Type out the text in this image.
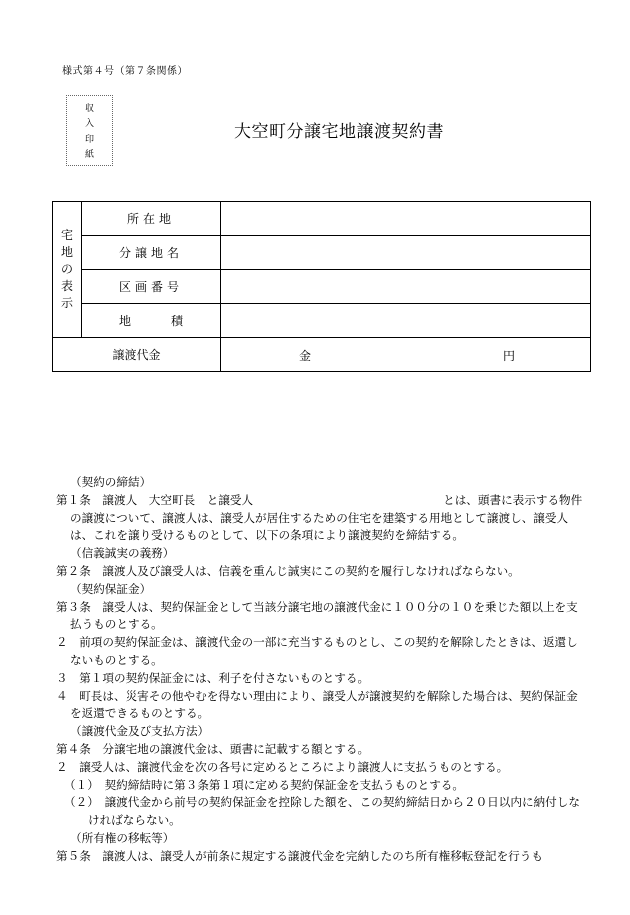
様式第４号（第７条関係）
収
入
印
紙
大空町分譲宅地譲渡契約書
宅
地
の
表
示	所在地	
	分譲地名	
	区画番号	
	地 積	
譲渡代金		金 円

（契約の締結）

第１条　譲渡人　大空町長　と譲受人	とは、頭書に表示する物件の譲渡について、譲渡人は、譲受人が居住するための住宅を建築する用地として譲渡し、譲受人は、これを譲り受けるものとして、以下の条項により譲渡契約を締結する。

（信義誠実の義務）

第２条　譲渡人及び譲受人は、信義を重んじ誠実にこの契約を履行しなければならない。

（契約保証金）

第３条　譲受人は、契約保証金として当該分譲宅地の譲渡代金に１００分の１０を乗じた額以上を支払うものとする。

２　前項の契約保証金は、譲渡代金の一部に充当するものとし、この契約を解除したときは、返還しないものとする。

３　第１項の契約保証金には、利子を付さないものとする。

４　町長は、災害その他やむを得ない理由により、譲受人が譲渡契約を解除した場合は、契約保証金を返還できるものとする。

（譲渡代金及び支払方法）

第４条　分譲宅地の譲渡代金は、頭書に記載する額とする。

２　譲受人は、譲渡代金を次の各号に定めるところにより譲渡人に支払うものとする。

（１）　契約締結時に第３条第１項に定める契約保証金を支払うものとする。

（２）　譲渡代金から前号の契約保証金を控除した額を、この契約締結日から２０日以内に納付しなければならない。

（所有権の移転等）

第５条　譲渡人は、譲受人が前条に規定する譲渡代金を完納したのち所有権移転登記を行うも
